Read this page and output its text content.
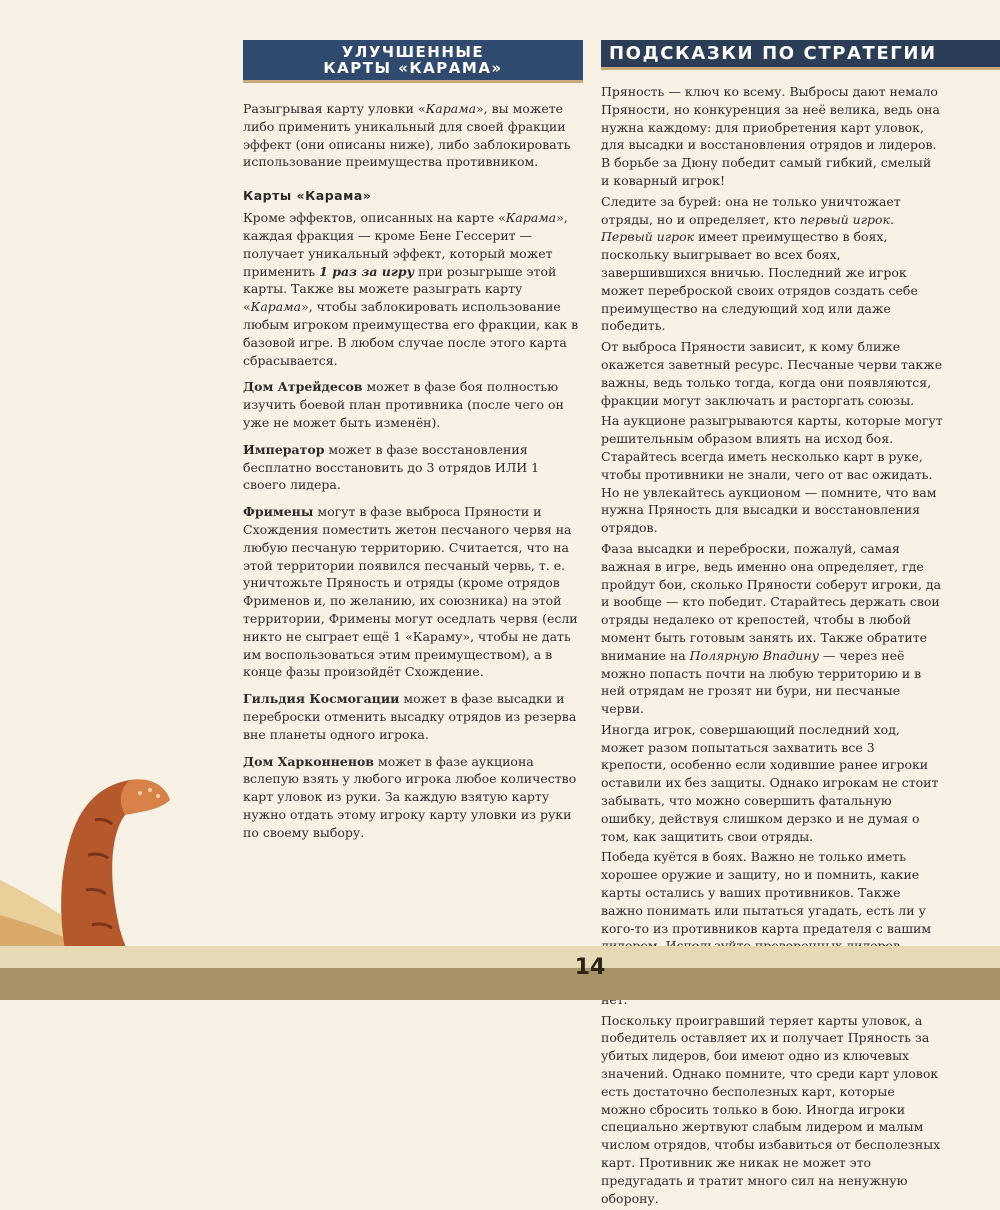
УЛУЧШЕННЫЕ
КАРТЫ «КАРАМА»

Разыгрывая карту уловки «Карама», вы можете либо применить уникальный для своей фракции эффект (они описаны ниже), либо заблокировать использование преимущества противником.

Карты «Карама»

Кроме эффектов, описанных на карте «Карама», каждая фракция — кроме Бене Гессерит — получает уникальный эффект, который может применить 1 раз за игру при розыгрыше этой карты. Также вы можете разыграть карту «Карама», чтобы заблокировать использование любым игроком преимущества его фракции, как в базовой игре. В любом случае после этого карта сбрасывается.

Дом Атрейдесов может в фазе боя полностью изучить боевой план противника (после чего он уже не может быть изменён).

Император может в фазе восстановления бесплатно восстановить до 3 отрядов ИЛИ 1 своего лидера.

Фримены могут в фазе выброса Пряности и Схождения поместить жетон песчаного червя на любую песчаную территорию. Считается, что на этой территории появился песчаный червь, т. е. уничтожьте Пряность и отряды (кроме отрядов Фрименов и, по желанию, их союзника) на этой территории, Фримены могут оседлать червя (если никто не сыграет ещё 1 «Караму», чтобы не дать им воспользоваться этим преимуществом), а в конце фазы произойдёт Схождение.

Гильдия Космогации может в фазе высадки и переброски отменить высадку отрядов из резерва вне планеты одного игрока.

Дом Харконненов может в фазе аукциона вслепую взять у любого игрока любое количество карт уловок из руки. За каждую взятую карту нужно отдать этому игроку карту уловки из руки по своему выбору.

ПОДСКАЗКИ ПО СТРАТЕГИИ

Пряность — ключ ко всему. Выбросы дают немало Пряности, но конкуренция за неё велика, ведь она нужна каждому: для приобретения карт уловок, для высадки и восстановления отрядов и лидеров. В борьбе за Дюну победит самый гибкий, смелый и коварный игрок!

Следите за бурей: она не только уничтожает отряды, но и определяет, кто первый игрок. Первый игрок имеет преимущество в боях, поскольку выигрывает во всех боях, завершившихся вничью. Последний же игрок может переброской своих отрядов создать себе преимущество на следующий ход или даже победить.

От выброса Пряности зависит, к кому ближе окажется заветный ресурс. Песчаные черви также важны, ведь только тогда, когда они появляются, фракции могут заключать и расторгать союзы.

На аукционе разыгрываются карты, которые могут решительным образом влиять на исход боя. Старайтесь всегда иметь несколько карт в руке, чтобы противники не знали, чего от вас ожидать. Но не увлекайтесь аукционом — помните, что вам нужна Пряность для высадки и восстановления отрядов.

Фаза высадки и переброски, пожалуй, самая важная в игре, ведь именно она определяет, где пройдут бои, сколько Пряности соберут игроки, да и вообще — кто победит. Старайтесь держать свои отряды недалеко от крепостей, чтобы в любой момент быть готовым занять их. Также обратите внимание на Полярную Впадину — через неё можно попасть почти на любую территорию и в ней отрядам не грозят ни бури, ни песчаные черви.

Иногда игрок, совершающий последний ход, может разом попытаться захватить все 3 крепости, особенно если ходившие ранее игроки оставили их без защиты. Однако игрокам не стоит забывать, что можно совершить фатальную ошибку, действуя слишком дерзко и не думая о том, как защитить свои отряды.

Победа куётся в боях. Важно не только иметь хорошее оружие и защиту, но и помнить, какие карты остались у ваших противников. Также важно понимать или пытаться угадать, есть ли у кого-то из противников карта предателя с вашим

Поскольку проигравший теряет карты уловок, а победитель оставляет их и получает Пряность за убитых лидеров, бои имеют одно из ключевых значений. Однако помните, что среди карт уловок есть достаточно бесполезных карт, которые можно сбросить только в бою. Иногда игроки специально жертвуют слабым лидером и малым числом отрядов, чтобы избавиться от бесполезных карт. Противник же никак не может это предугадать и тратит много сил на ненужную оборону.

14
